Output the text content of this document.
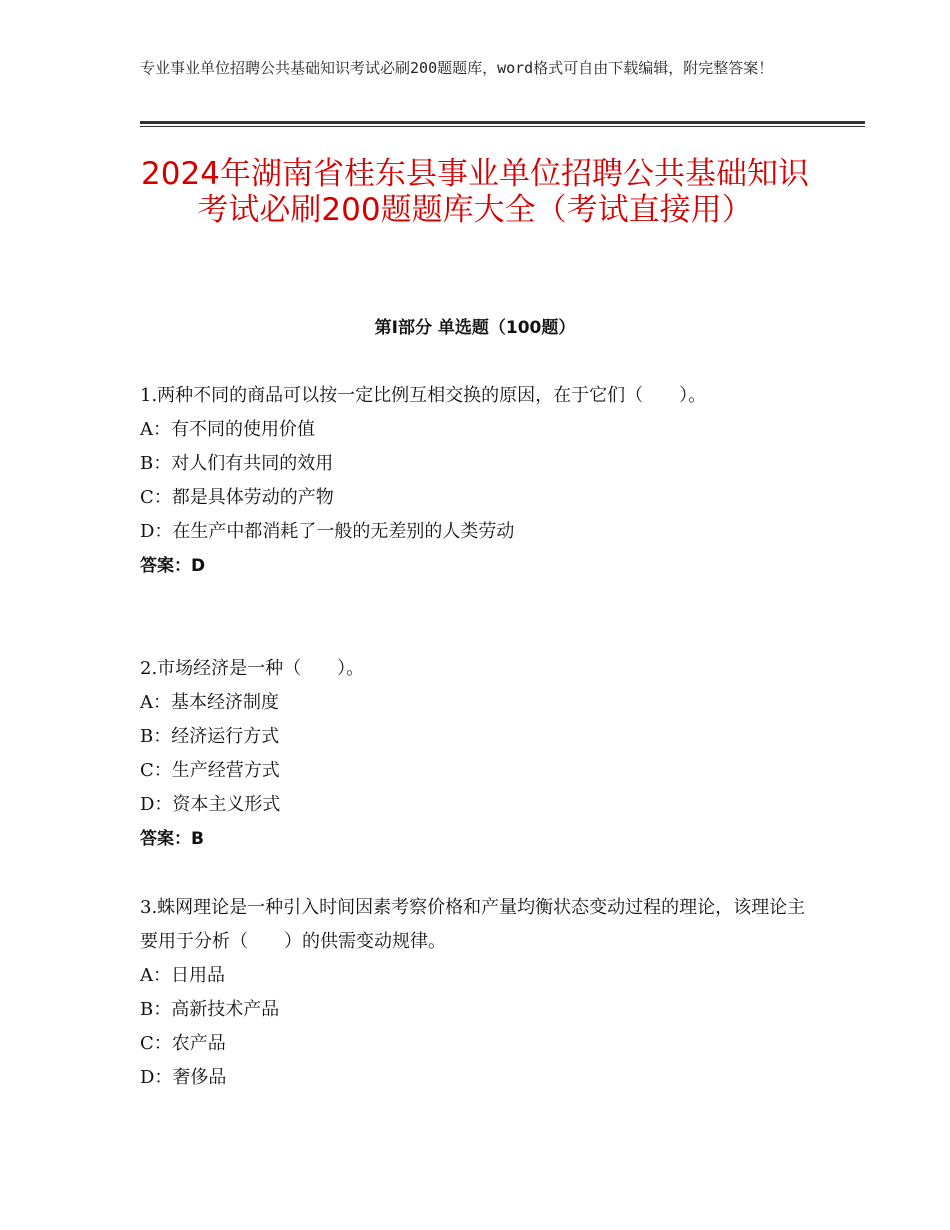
专业事业单位招聘公共基础知识考试必刷200题题库，word格式可自由下载编辑，附完整答案！
2024年湖南省桂东县事业单位招聘公共基础知识考试必刷200题题库大全（考试直接用）
第Ⅰ部分 单选题（100题）

1.两种不同的商品可以按一定比例互相交换的原因，在于它们（　　）。

A：有不同的使用价值

B：对人们有共同的效用

C：都是具体劳动的产物

D：在生产中都消耗了一般的无差别的人类劳动

答案：D

2.市场经济是一种（　　）。

A：基本经济制度

B：经济运行方式

C：生产经营方式

D：资本主义形式

答案：B

3.蛛网理论是一种引入时间因素考察价格和产量均衡状态变动过程的理论，该理论主要用于分析（　　）的供需变动规律。

A：日用品

B：高新技术产品

C：农产品

D：奢侈品
